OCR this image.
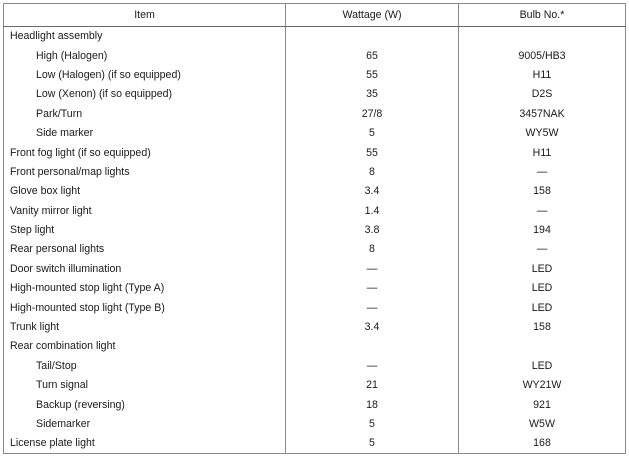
Item	Wattage (W)	Bulb No.*
Headlight assembly		
High (Halogen)	65	9005/HB3
Low (Halogen) (if so equipped)	55	H11
Low (Xenon) (if so equipped)	35	D2S
Park/Turn	27/8	3457NAK
Side marker	5	WY5W
Front fog light (if so equipped)	55	H11
Front personal/map lights	8	—
Glove box light	3.4	158
Vanity mirror light	1.4	—
Step light	3.8	194
Rear personal lights	8	—
Door switch illumination	—	LED
High-mounted stop light (Type A)	—	LED
High-mounted stop light (Type B)	—	LED
Trunk light	3.4	158
Rear combination light		
Tail/Stop	—	LED
Turn signal	21	WY21W
Backup (reversing)	18	921
Sidemarker	5	W5W
License plate light	5	168
